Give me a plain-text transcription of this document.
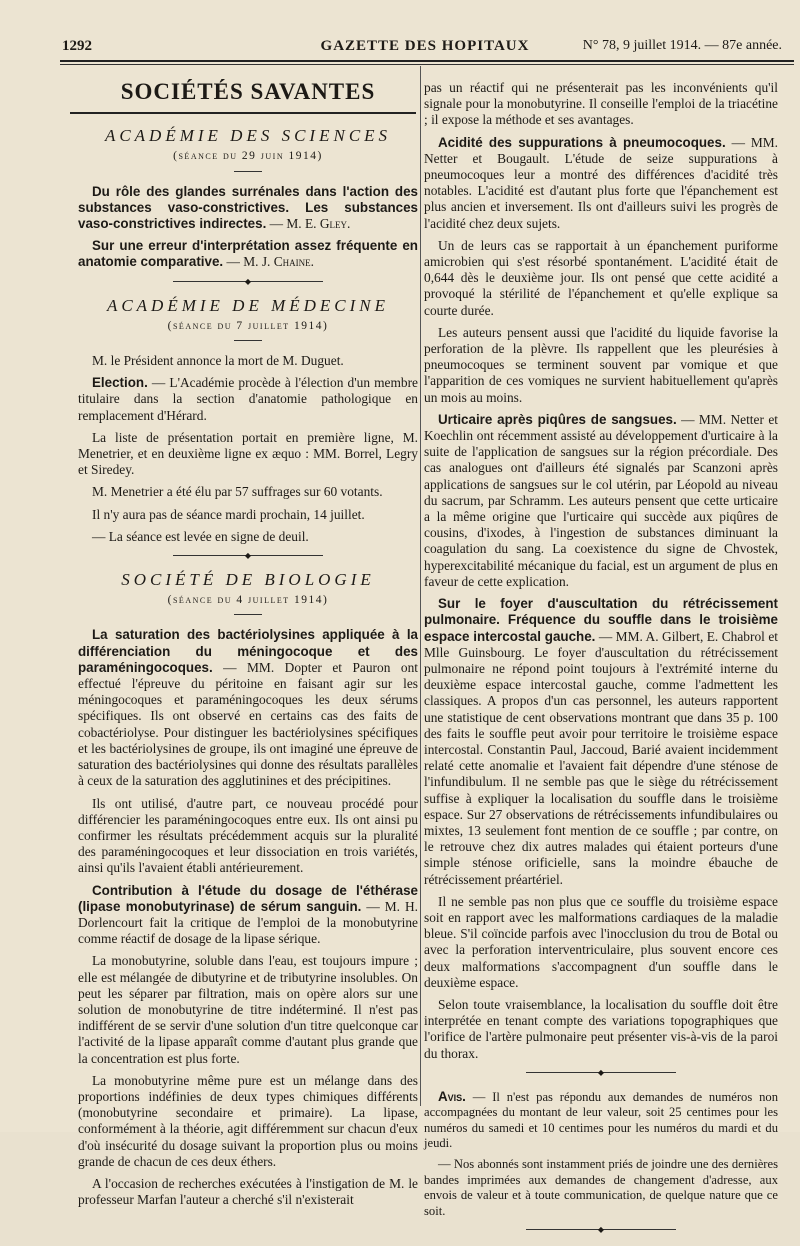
1292	GAZETTE DES HOPITAUX	N° 78, 9 juillet 1914. — 87e année.
SOCIÉTÉS SAVANTES
ACADÉMIE DES SCIENCES
(séance du 29 juin 1914)

Du rôle des glandes surrénales dans l'action des substances vaso-constrictives. Les substances vaso-constrictives indirectes. — M. E. Gley.

Sur une erreur d'interprétation assez fréquente en anatomie comparative. — M. J. Chaine.

◆
ACADÉMIE DE MÉDECINE
(séance du 7 juillet 1914)

M. le Président annonce la mort de M. Duguet.

Election. — L'Académie procède à l'élection d'un membre titulaire dans la section d'anatomie pathologique en remplacement d'Hérard.

La liste de présentation portait en première ligne, M. Menetrier, et en deuxième ligne ex æquo : MM. Borrel, Legry et Siredey.

M. Menetrier a été élu par 57 suffrages sur 60 votants.

Il n'y aura pas de séance mardi prochain, 14 juillet.

— La séance est levée en signe de deuil.

◆
SOCIÉTÉ DE BIOLOGIE
(séance du 4 juillet 1914)

La saturation des bactériolysines appliquée à la différenciation du méningocoque et des paraméningocoques. — MM. Dopter et Pauron ont effectué l'épreuve du péritoine en faisant agir sur les méningocoques et paraméningocoques les deux sérums spécifiques. Ils ont observé en certains cas des faits de cobactériolyse. Pour distinguer les bactériolysines spécifiques et les bactériolysines de groupe, ils ont imaginé une épreuve de saturation des bactériolysines qui donne des résultats parallèles à ceux de la saturation des agglutinines et des précipitines.

Ils ont utilisé, d'autre part, ce nouveau procédé pour différencier les paraméningocoques entre eux. Ils ont ainsi pu confirmer les résultats précédemment acquis sur la pluralité des paraméningocoques et leur dissociation en trois variétés, ainsi qu'ils l'avaient établi antérieurement.

Contribution à l'étude du dosage de l'éthérase (lipase monobutyrinase) de sérum sanguin. — M. H. Dorlencourt fait la critique de l'emploi de la monobutyrine comme réactif de dosage de la lipase sérique.

La monobutyrine, soluble dans l'eau, est toujours impure ; elle est mélangée de dibutyrine et de tributyrine insolubles. On peut les séparer par filtration, mais on opère alors sur une solution de monobutyrine de titre indéterminé. Il n'est pas indifférent de se servir d'une solution d'un titre quelconque car l'activité de la lipase apparaît comme d'autant plus grande que la concentration est plus forte.

La monobutyrine même pure est un mélange dans des proportions indéfinies de deux types chimiques différents (monobutyrine secondaire et primaire). La lipase, conformément à la théorie, agit différemment sur chacun d'eux d'où insécurité du dosage suivant la proportion plus ou moins grande de chacun de ces deux éthers.

A l'occasion de recherches exécutées à l'instigation de M. le professeur Marfan l'auteur a cherché s'il n'existerait

pas un réactif qui ne présenterait pas les inconvénients qu'il signale pour la monobutyrine. Il conseille l'emploi de la triacétine ; il expose la méthode et ses avantages.

Acidité des suppurations à pneumocoques. — MM. Netter et Bougault. L'étude de seize suppurations à pneumocoques leur a montré des différences d'acidité très notables. L'acidité est d'autant plus forte que l'épanchement est plus ancien et inversement. Ils ont d'ailleurs suivi les progrès de l'acidité chez deux sujets.

Un de leurs cas se rapportait à un épanchement puriforme amicrobien qui s'est résorbé spontanément. L'acidité était de 0,644 dès le deuxième jour. Ils ont pensé que cette acidité a provoqué la stérilité de l'épanchement et qu'elle explique sa courte durée.

Les auteurs pensent aussi que l'acidité du liquide favorise la perforation de la plèvre. Ils rappellent que les pleurésies à pneumocoques se terminent souvent par vomique et que l'apparition de ces vomiques ne survient habituellement qu'après un mois au moins.

Urticaire après piqûres de sangsues. — MM. Netter et Koechlin ont récemment assisté au développement d'urticaire à la suite de l'application de sangsues sur la région précordiale. Des cas analogues ont d'ailleurs été signalés par Scanzoni après applications de sangsues sur le col utérin, par Léopold au niveau du sacrum, par Schramm. Les auteurs pensent que cette urticaire a la même origine que l'urticaire qui succède aux piqûres de cousins, d'ixodes, à l'ingestion de substances diminuant la coagulation du sang. La coexistence du signe de Chvostek, hyperexcitabilité mécanique du facial, est un argument de plus en faveur de cette explication.

Sur le foyer d'auscultation du rétrécissement pulmonaire. Fréquence du souffle dans le troisième espace intercostal gauche. — MM. A. Gilbert, E. Chabrol et Mlle Guinsbourg. Le foyer d'auscultation du rétrécissement pulmonaire ne répond point toujours à l'extrémité interne du deuxième espace intercostal gauche, comme l'admettent les classiques. A propos d'un cas personnel, les auteurs rapportent une statistique de cent observations montrant que dans 35 p. 100 des faits le souffle peut avoir pour territoire le troisième espace intercostal. Constantin Paul, Jaccoud, Barié avaient incidemment relaté cette anomalie et l'avaient fait dépendre d'une sténose de l'infundibulum. Il ne semble pas que le siège du rétrécissement suffise à expliquer la localisation du souffle dans le troisième espace. Sur 27 observations de rétrécissements infundibulaires ou mixtes, 13 seulement font mention de ce souffle ; par contre, on le retrouve chez dix autres malades qui étaient porteurs d'une simple sténose orificielle, sans la moindre ébauche de rétrécissement préartériel.

Il ne semble pas non plus que ce souffle du troisième espace soit en rapport avec les malformations cardiaques de la maladie bleue. S'il coïncide parfois avec l'inocclusion du trou de Botal ou avec la perforation interventriculaire, plus souvent encore ces deux malformations s'accompagnent d'un souffle dans le deuxième espace.

Selon toute vraisemblance, la localisation du souffle doit être interprétée en tenant compte des variations topographiques que l'orifice de l'artère pulmonaire peut présenter vis-à-vis de la paroi du thorax.

◆

Avis. — Il n'est pas répondu aux demandes de numéros non accompagnées du montant de leur valeur, soit 25 centimes pour les numéros du samedi et 10 centimes pour les numéros du mardi et du jeudi.

— Nos abonnés sont instamment priés de joindre une des dernières bandes imprimées aux demandes de changement d'adresse, aux envois de valeur et à toute communication, de quelque nature que ce soit.

◆
